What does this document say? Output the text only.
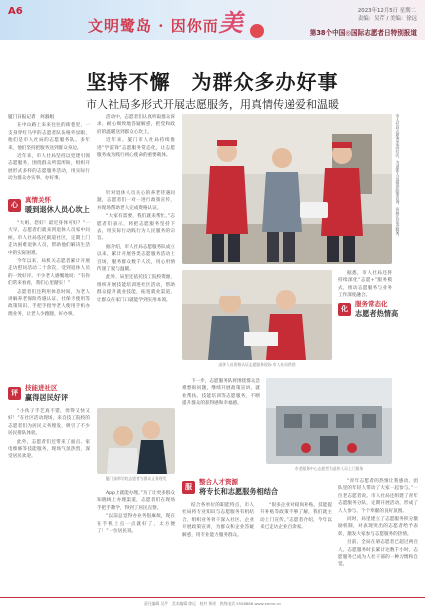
A6
文明鹭岛 · 因你而美	2023年12月5日 星期二
责编：吴芹 / 美编：徐远
第38个中国◎国际志愿者日特别报道
坚持不懈　为群众多办好事
市人社局多形式开展志愿服务，用真情传递爱和温暖

厦门日报记者　何淑娟

在中山路上来来往往的街巷里，一支身穿红马甲的志愿者队伍格外显眼，他们是市人社局的志愿服务队。多年来，他们坚持把服务送到群众身边。

近年来，市人社局坚持以党建引领志愿服务，围绕群众所需所盼，组织开展形式多样的志愿服务活动，用实际行动为群众办实事、办好事。

心	真情关怀
暖到退休人员心坎上

“大姐，您好！最近身体可好？”一大早，志愿者们就来到退休人员家中问候。市人社局依托街道社区，定期上门走访困难退休人员，帮助他们解决生活中的实际困难。

今年以来，局机关志愿者累计开展走访慰问活动二十余次，受到退休人员的一致好评。不少老人感慨地说：“有你们常来看看，我们心里踏实！”

志愿者们还利用休息时间，为老人讲解养老保险待遇认证、社保卡使用等政策知识，手把手指导老人使用手机办理业务，让老人少跑腿、好办事。

评	技能进社区
赢得居民好评

“小伙子手艺真不错，剪得又快又好！”在社区活动现场，来自技工院校的志愿者们为居民义务理发，吸引了不少居民排队体验。

此外，志愿者们还带来了面点、家电维修等技能服务，现场气氛热烈，深受居民欢迎。

活动中，志愿者们认真听取群众诉求，耐心细致地答疑解惑，把党和政府的温暖送到群众心坎上。

近年来，厦门市人社局持续推进“学雷锋”志愿服务常态化，让志愿服务成为践行初心使命的重要载体。

针对退休人员关心的养老待遇问题，志愿者们一对一进行政策宣传，并现场帮助老人完成资格认证。

“大家有需要，我们就来帮忙。”志愿者们表示，将把志愿服务坚持下去，用实际行动践行为人民服务的宗旨。

据介绍，市人社局志愿服务队成立以来，累计开展各类志愿服务活动上百场，服务群众数千人次，用心用情传递了爱与温暖。

此外，局里还依托技工院校资源，组织开展技能培训进社区活动，帮助群众提升就业技能，拓宽就业渠道，让群众在家门口就能学到实用本领。

市人社局志愿者走进社区，为退休人员提供政策咨询、资格认证等服务。
退休人员资格认证志愿服务现场 市人社局供图

据悉，市人社局还将持续深化“志愿+”服务模式，推动志愿服务与业务工作深度融合。

厦门技师学院志愿者为群众义务理发

App上就能办理。”为了让更多群众知晓线上办理渠道，志愿者们在现场手把手教学，得到了居民点赞。

“以前总觉得办业务很麻烦，现在在手机上点一点就好了，太方便了！”一位居民说。

下一步，志愿服务队将围绕群众急难愁盼问题，继续开展政策宣讲、就业帮扶、技能培训等志愿服务，不断提升群众的获得感和幸福感。

服	整合人才资源
将专长和志愿服务相结合

结合各单位的职能特点，市人社局将专业知识与志愿服务有机结合，组织业务骨干深入社区、企业开展政策宣讲，为群众和企业答疑解惑，用专业能力服务群众。

“很多企业对稳岗补贴、技能提升补贴等政策不够了解，我们就主动上门宣传。”志愿者介绍，今年以来已走访企业百余家。

市老服务中心志愿者为退休人员上门服务
化	服务常态化
志愿者热情高

“青年志愿者的热情让我感动，团队里的年轻人带动了大家一起参与。”一位老志愿者说。市人社局还组建了青年志愿服务分队，定期开展活动，形成了人人参与、个个奉献的良好氛围。

同时，局里建立了志愿服务积分激励机制，对表现突出的志愿者给予表彰，激发大家参与志愿服务的热情。

目前，全局在册志愿者已超过两百人，志愿服务时长累计达数千小时，志愿服务已成为人社干部的一种习惯和自觉。

责任编辑 吴芹　美术编辑 徐远　校对 黄瑶　热线电话 5558888 www.xmnn.cn
